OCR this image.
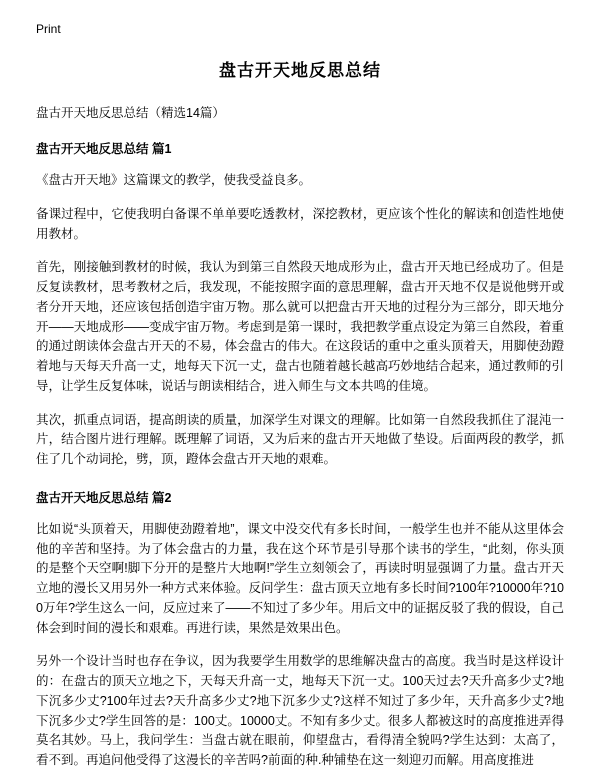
Print
盘古开天地反思总结

盘古开天地反思总结（精选14篇）

盘古开天地反思总结 篇1

《盘古开天地》这篇课文的教学，使我受益良多。

备课过程中，它使我明白备课不单单要吃透教材，深挖教材，更应该个性化的解读和创造性地使用教材。

首先，刚接触到教材的时候，我认为到第三自然段天地成形为止，盘古开天地已经成功了。但是反复读教材，思考教材之后，我发现，不能按照字面的意思理解，盘古开天地不仅是说他劈开或者分开天地，还应该包括创造宇宙万物。那么就可以把盘古开天地的过程分为三部分，即天地分开——天地成形——变成宇宙万物。考虑到是第一课时，我把教学重点设定为第三自然段，着重的通过朗读体会盘古开天的不易，体会盘古的伟大。在这段话的重中之重头顶着天，用脚使劲蹬着地与天每天升高一丈，地每天下沉一丈，盘古也随着越长越高巧妙地结合起来，通过教师的引导，让学生反复体味，说话与朗读相结合，进入师生与文本共鸣的佳境。

其次，抓重点词语，提高朗读的质量，加深学生对课文的理解。比如第一自然段我抓住了混沌一片，结合图片进行理解。既理解了词语，又为后来的盘古开天地做了垫设。后面两段的教学，抓住了几个动词抡，劈，顶，蹬体会盘古开天地的艰难。

盘古开天地反思总结 篇2

比如说“头顶着天，用脚使劲蹬着地”，课文中没交代有多长时间，一般学生也并不能从这里体会他的辛苦和坚持。为了体会盘古的力量，我在这个环节是引导那个读书的学生，“此刻，你头顶的是整个天空啊!脚下分开的是整片大地啊!”学生立刻领会了，再读时明显强调了力量。盘古开天立地的漫长又用另外一种方式来体验。反问学生：盘古顶天立地有多长时间?100年?10000年?100万年?学生这么一问，反应过来了——不知过了多少年。用后文中的证据反驳了我的假设，自己体会到时间的漫长和艰难。再进行读，果然是效果出色。

另外一个设计当时也存在争议，因为我要学生用数学的思维解决盘古的高度。我当时是这样设计的：在盘古的顶天立地之下，天每天升高一丈，地每天下沉一丈。100天过去?天升高多少丈?地下沉多少丈?100年过去?天升高多少丈?地下沉多少丈?这样不知过了多少年，天升高多少丈?地下沉多少丈?学生回答的是：100丈。10000丈。不知有多少丈。很多人都被这时的高度推进弄得莫名其妙。马上，我问学生：当盘古就在眼前，仰望盘古，看得清全貌吗?学生达到：太高了，看不到。再追问他受得了这漫长的辛苦吗?前面的种.种铺垫在这一刻迎刃而解。用高度推进
